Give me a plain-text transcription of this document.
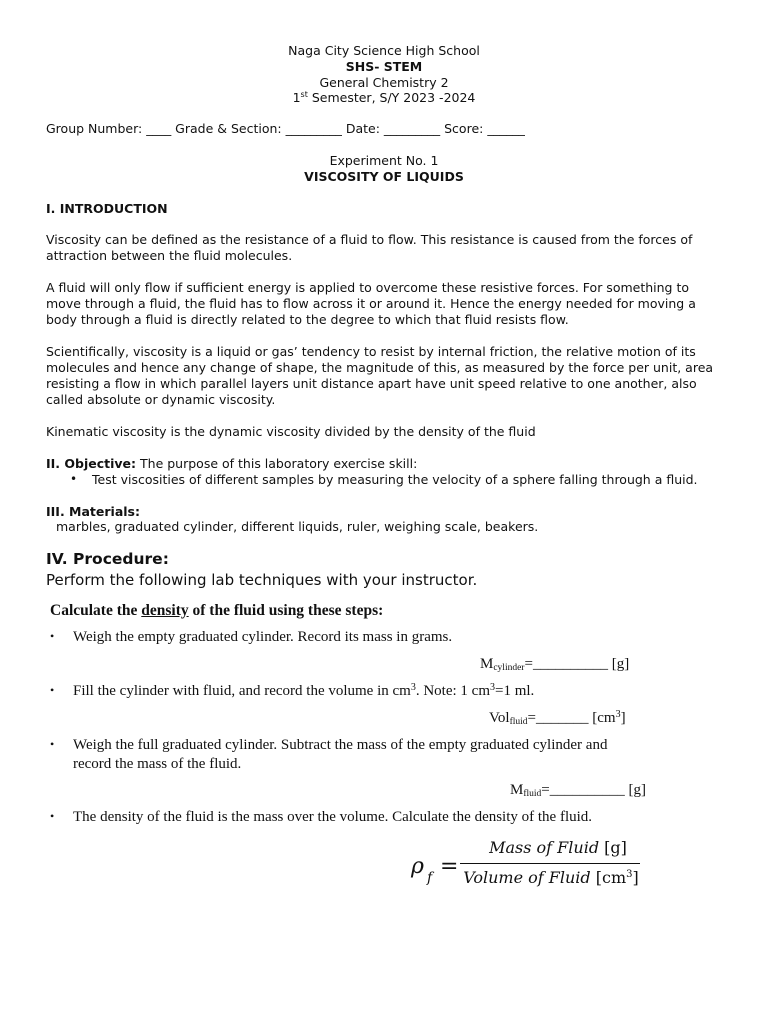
Naga City Science High School
SHS- STEM
General Chemistry 2
1st Semester, S/Y 2023 -2024
Group Number: ____ Grade & Section: _________ Date: _________ Score: ______
Experiment No. 1
VISCOSITY OF LIQUIDS
I. INTRODUCTION
Viscosity can be defined as the resistance of a fluid to flow. This resistance is caused from the forces of attraction between the fluid molecules.
A fluid will only flow if sufficient energy is applied to overcome these resistive forces. For something to move through a fluid, the fluid has to flow across it or around it. Hence the energy needed for moving a body through a fluid is directly related to the degree to which that fluid resists flow.
Scientifically, viscosity is a liquid or gas’ tendency to resist by internal friction, the relative motion of its molecules and hence any change of shape, the magnitude of this, as measured by the force per unit, area resisting a flow in which parallel layers unit distance apart have unit speed relative to one another, also called absolute or dynamic viscosity.
Kinematic viscosity is the dynamic viscosity divided by the density of the fluid
II. Objective: The purpose of this laboratory exercise skill:
• Test viscosities of different samples by measuring the velocity of a sphere falling through a fluid.
III. Materials:
marbles, graduated cylinder, different liquids, ruler, weighing scale, beakers.
IV. Procedure:
Perform the following lab techniques with your instructor.
Calculate the density of the fluid using these steps:
• Weigh the empty graduated cylinder. Record its mass in grams.
$M_{cylinder}=\_\_\_\_\_\_\_\_\_\_$ [g]
• Fill the cylinder with fluid, and record the volume in $cm^3$. Note: 1 $cm^3=1$ ml.
Vol$_{fluid}$=_______ $[cm^3]$
• Weigh the full graduated cylinder. Subtract the mass of the empty graduated cylinder and
record the mass of the fluid.
$M_{fluid}=\_\_\_\_\_\_\_\_\_\_$ [g]
• The density of the fluid is the mass over the volume. Calculate the density of the fluid.
ρ f =
Mass of Fluid [g]
Volume of Fluid $[cm^3]$
